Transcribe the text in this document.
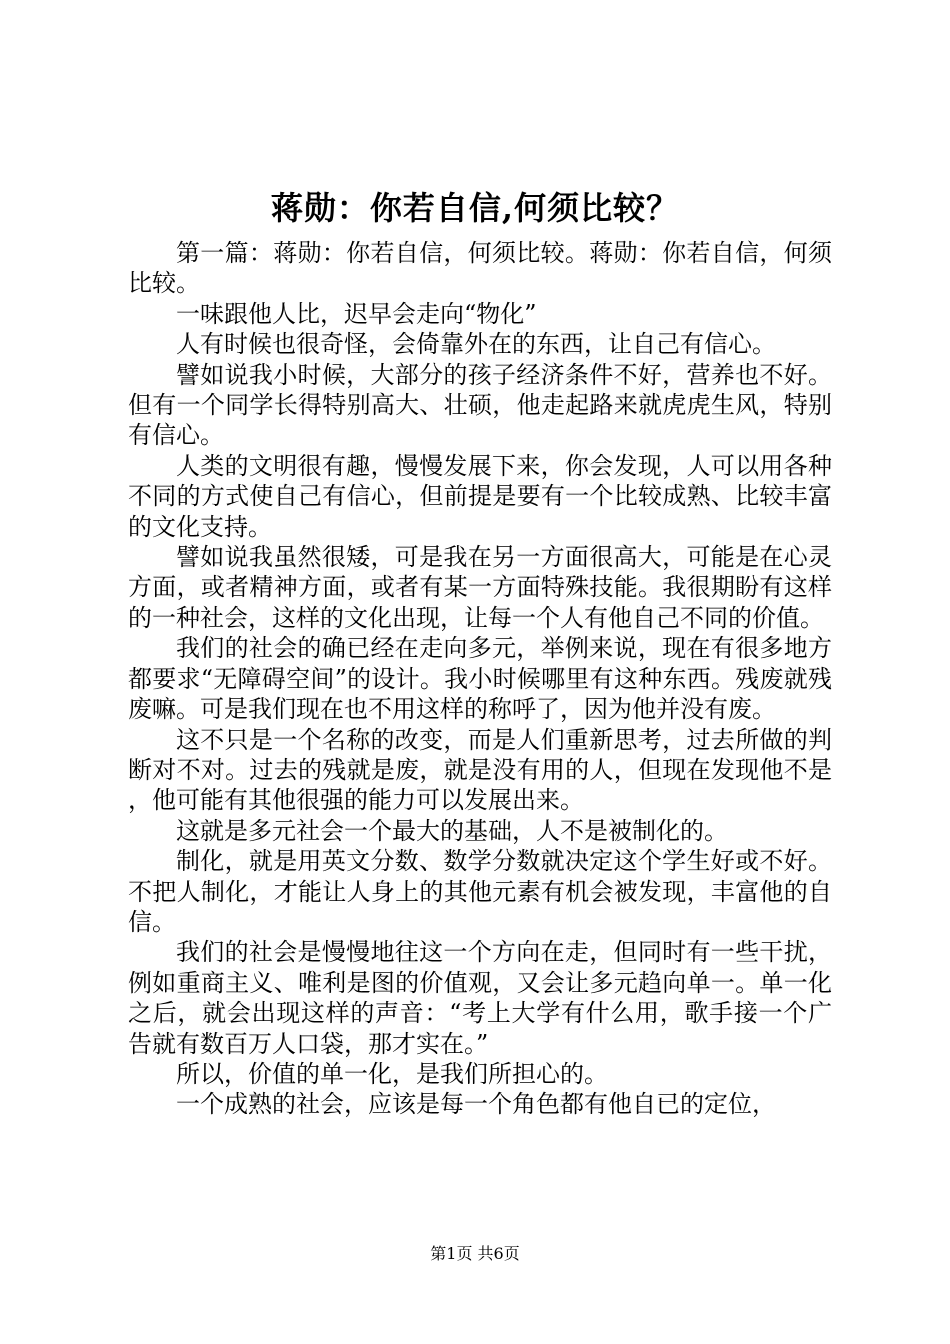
蒋勋：你若自信,何须比较？

第一篇：蒋勋：你若自信，何须比较。蒋勋：你若自信，何须比较。

一味跟他人比，迟早会走向“物化”

人有时候也很奇怪，会倚靠外在的东西，让自己有信心。

譬如说我小时候，大部分的孩子经济条件不好，营养也不好。但有一个同学长得特别高大、壮硕，他走起路来就虎虎生风，特别有信心。

人类的文明很有趣，慢慢发展下来，你会发现，人可以用各种不同的方式使自己有信心，但前提是要有一个比较成熟、比较丰富的文化支持。

譬如说我虽然很矮，可是我在另一方面很高大，可能是在心灵方面，或者精神方面，或者有某一方面特殊技能。我很期盼有这样的一种社会，这样的文化出现，让每一个人有他自己不同的价值。

我们的社会的确已经在走向多元，举例来说，现在有很多地方都要求“无障碍空间”的设计。我小时候哪里有这种东西。残废就残废嘛。可是我们现在也不用这样的称呼了，因为他并没有废。

这不只是一个名称的改变，而是人们重新思考，过去所做的判断对不对。过去的残就是废，就是没有用的人，但现在发现他不是，他可能有其他很强的能力可以发展出来。

这就是多元社会一个最大的基础，人不是被制化的。

制化，就是用英文分数、数学分数就决定这个学生好或不好。不把人制化，才能让人身上的其他元素有机会被发现，丰富他的自信。

我们的社会是慢慢地往这一个方向在走，但同时有一些干扰，例如重商主义、唯利是图的价值观，又会让多元趋向单一。单一化之后，就会出现这样的声音：“考上大学有什么用，歌手接一个广告就有数百万人口袋，那才实在。”

所以，价值的单一化，是我们所担心的。

一个成熟的社会，应该是每一个角色都有他自已的定位，

第1页 共6页
